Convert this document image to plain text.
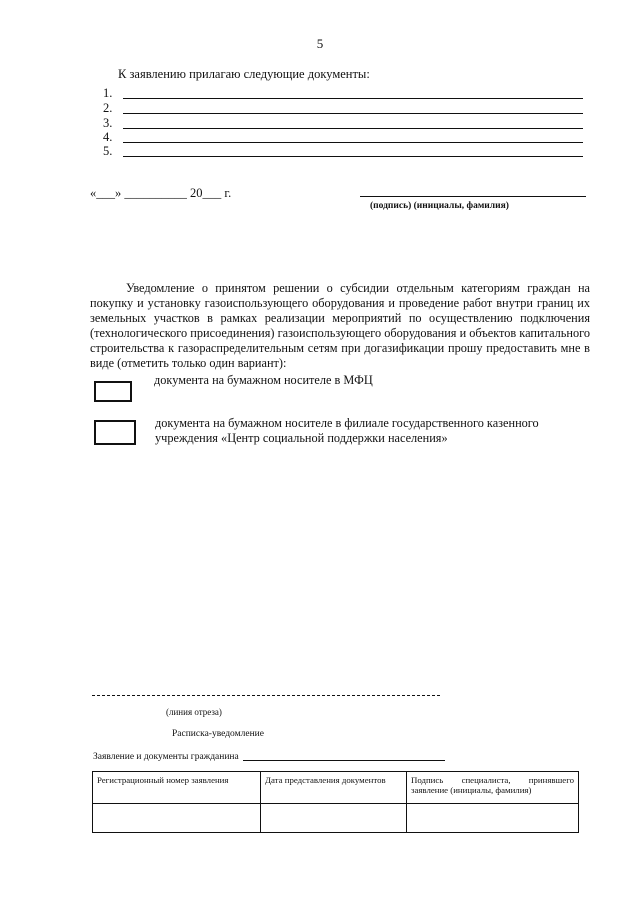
5
К заявлению прилагаю следующие документы:
1.
2.
3.
4.
5.
«___» __________ 20___ г.
(подпись) (инициалы, фамилия)
Уведомление о принятом решении о субсидии отдельным категориям граждан на покупку и установку газоиспользующего оборудования и проведение работ внутри границ их земельных участков в рамках реализации мероприятий по осуществлению подключения (технологического присоединения) газоиспользующего оборудования и объектов капитального строительства к газораспределительным сетям при догазификации прошу предоставить мне в виде (отметить только один вариант):
документа на бумажном носителе в МФЦ
документа на бумажном носителе в филиале государственного казенного учреждения «Центр социальной поддержки населения»
(линия отреза)
Расписка-уведомление
Заявление и документы гражданина
Регистрационный номер заявления	Дата представления документов	Подпись специалиста, принявшего заявление (инициалы, фамилия)
